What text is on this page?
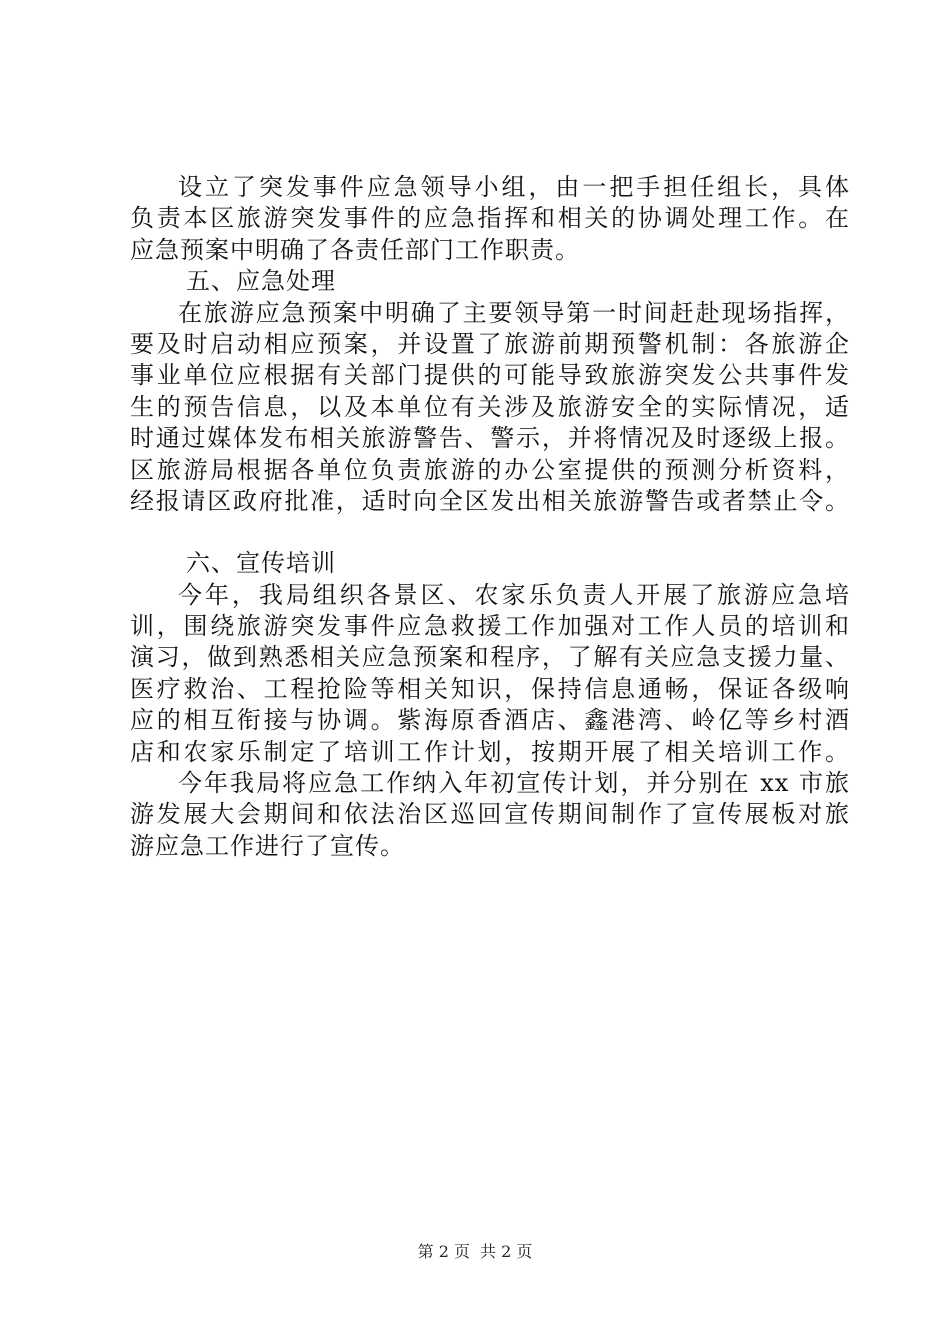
设立了突发事件应急领导小组，由一把手担任组长，具体
负责本区旅游突发事件的应急指挥和相关的协调处理工作。在
应急预案中明确了各责任部门工作职责。
五、应急处理
在旅游应急预案中明确了主要领导第一时间赶赴现场指挥，
要及时启动相应预案，并设置了旅游前期预警机制：各旅游企
事业单位应根据有关部门提供的可能导致旅游突发公共事件发
生的预告信息，以及本单位有关涉及旅游安全的实际情况，适
时通过媒体发布相关旅游警告、警示，并将情况及时逐级上报。
区旅游局根据各单位负责旅游的办公室提供的预测分析资料，
经报请区政府批准，适时向全区发出相关旅游警告或者禁止令。
六、宣传培训
今年，我局组织各景区、农家乐负责人开展了旅游应急培
训，围绕旅游突发事件应急救援工作加强对工作人员的培训和
演习，做到熟悉相关应急预案和程序，了解有关应急支援力量、
医疗救治、工程抢险等相关知识，保持信息通畅，保证各级响
应的相互衔接与协调。紫海原香酒店、鑫港湾、岭亿等乡村酒
店和农家乐制定了培训工作计划，按期开展了相关培训工作。
今年我局将应急工作纳入年初宣传计划，并分别在 xx 市旅
游发展大会期间和依法治区巡回宣传期间制作了宣传展板对旅
游应急工作进行了宣传。
第 2 页 共 2 页
